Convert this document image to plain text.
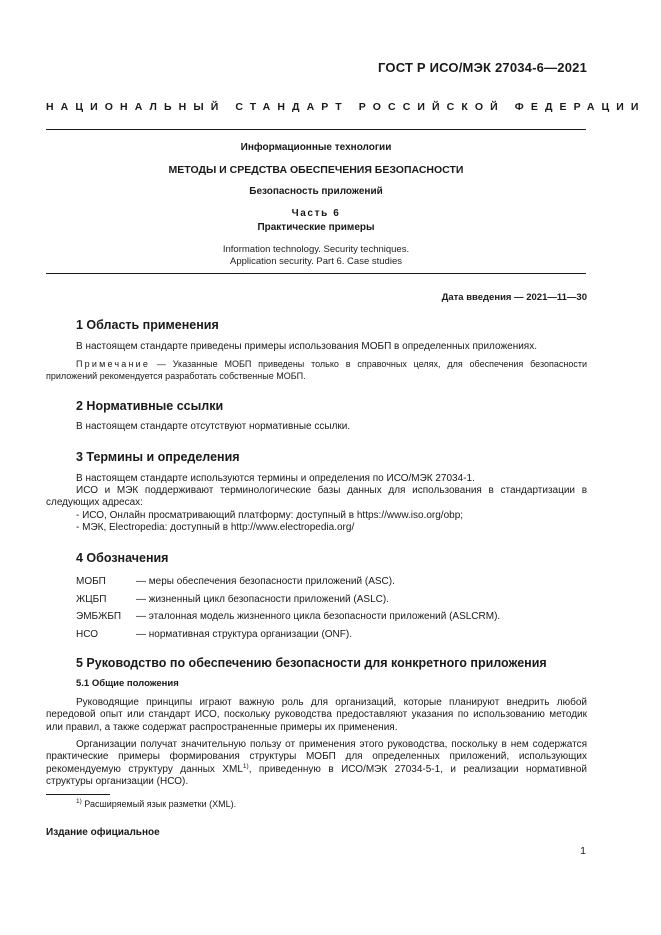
ГОСТ Р ИСО/МЭК 27034-6—2021
НАЦИОНАЛЬНЫЙ СТАНДАРТ РОССИЙСКОЙ ФЕДЕРАЦИИ
Информационные технологии
МЕТОДЫ И СРЕДСТВА ОБЕСПЕЧЕНИЯ БЕЗОПАСНОСТИ
Безопасность приложений
Часть 6
Практические примеры
Information technology. Security techniques.
Application security. Part 6. Case studies
Дата введения — 2021—11—30
1 Область применения
В настоящем стандарте приведены примеры использования МОБП в определенных приложениях.
Примечание — Указанные МОБП приведены только в справочных целях, для обеспечения безопасности приложений рекомендуется разработать собственные МОБП.
2 Нормативные ссылки
В настоящем стандарте отсутствуют нормативные ссылки.
3 Термины и определения
В настоящем стандарте используются термины и определения по ИСО/МЭК 27034-1.
ИСО и МЭК поддерживают терминологические базы данных для использования в стандартизации в следующих адресах:
- ИСО, Онлайн просматривающий платформу: доступный в https://www.iso.org/obp;
- МЭК, Electropedia: доступный в http://www.electropedia.org/
4 Обозначения
МОБП	— меры обеспечения безопасности приложений (ASC).
ЖЦБП	— жизненный цикл безопасности приложений (ASLC).
ЭМБЖБП — эталонная модель жизненного цикла безопасности приложений (ASLCRM).
НСО	— нормативная структура организации (ONF).
5 Руководство по обеспечению безопасности для конкретного приложения
5.1 Общие положения
Руководящие принципы играют важную роль для организаций, которые планируют внедрить любой передовой опыт или стандарт ИСО, поскольку руководства предоставляют указания по использованию методик или правил, а также содержат распространенные примеры их применения.
Организации получат значительную пользу от применения этого руководства, поскольку в нем содержатся практические примеры формирования структуры МОБП для определенных приложений, использующих рекомендуемую структуру данных XML$^{1)}$, приведенную в ИСО/МЭК 27034-5-1, и реализации нормативной структуры организации (НСО).
$^{1)}$ Расширяемый язык разметки (XML).
Издание официальное
1
